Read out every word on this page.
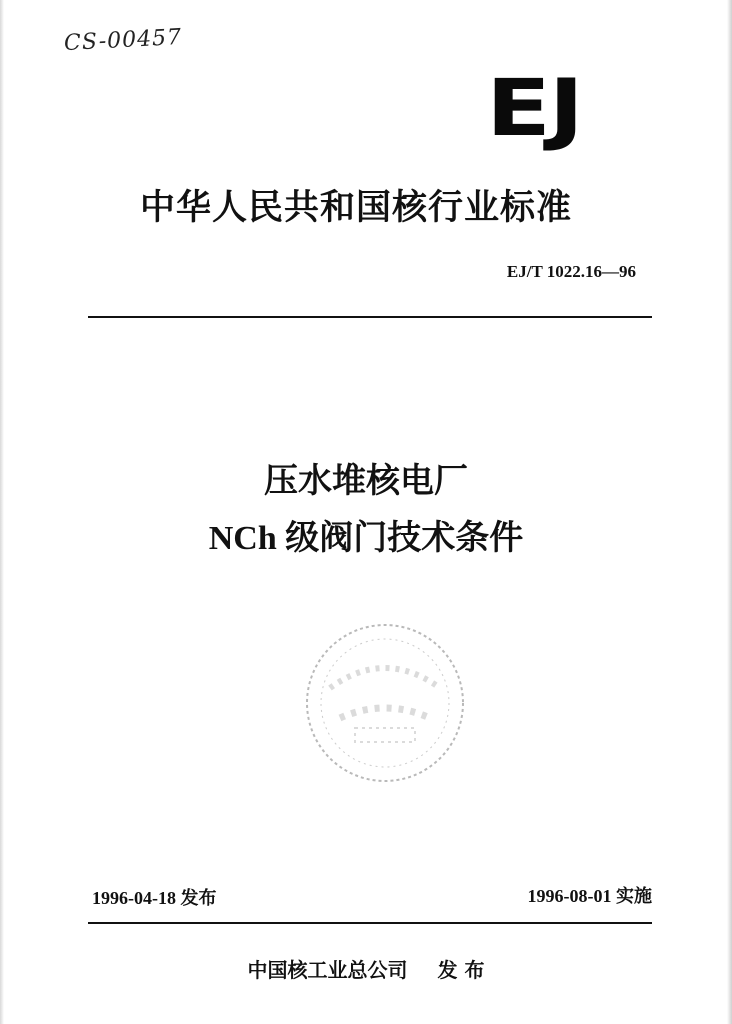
CS-00457
EJ
中华人民共和国核行业标准
EJ/T 1022.16—96
压水堆核电厂
NCh 级阀门技术条件
1996-04-18 发布	1996-08-01 实施
中国核工业总公司 发 布
